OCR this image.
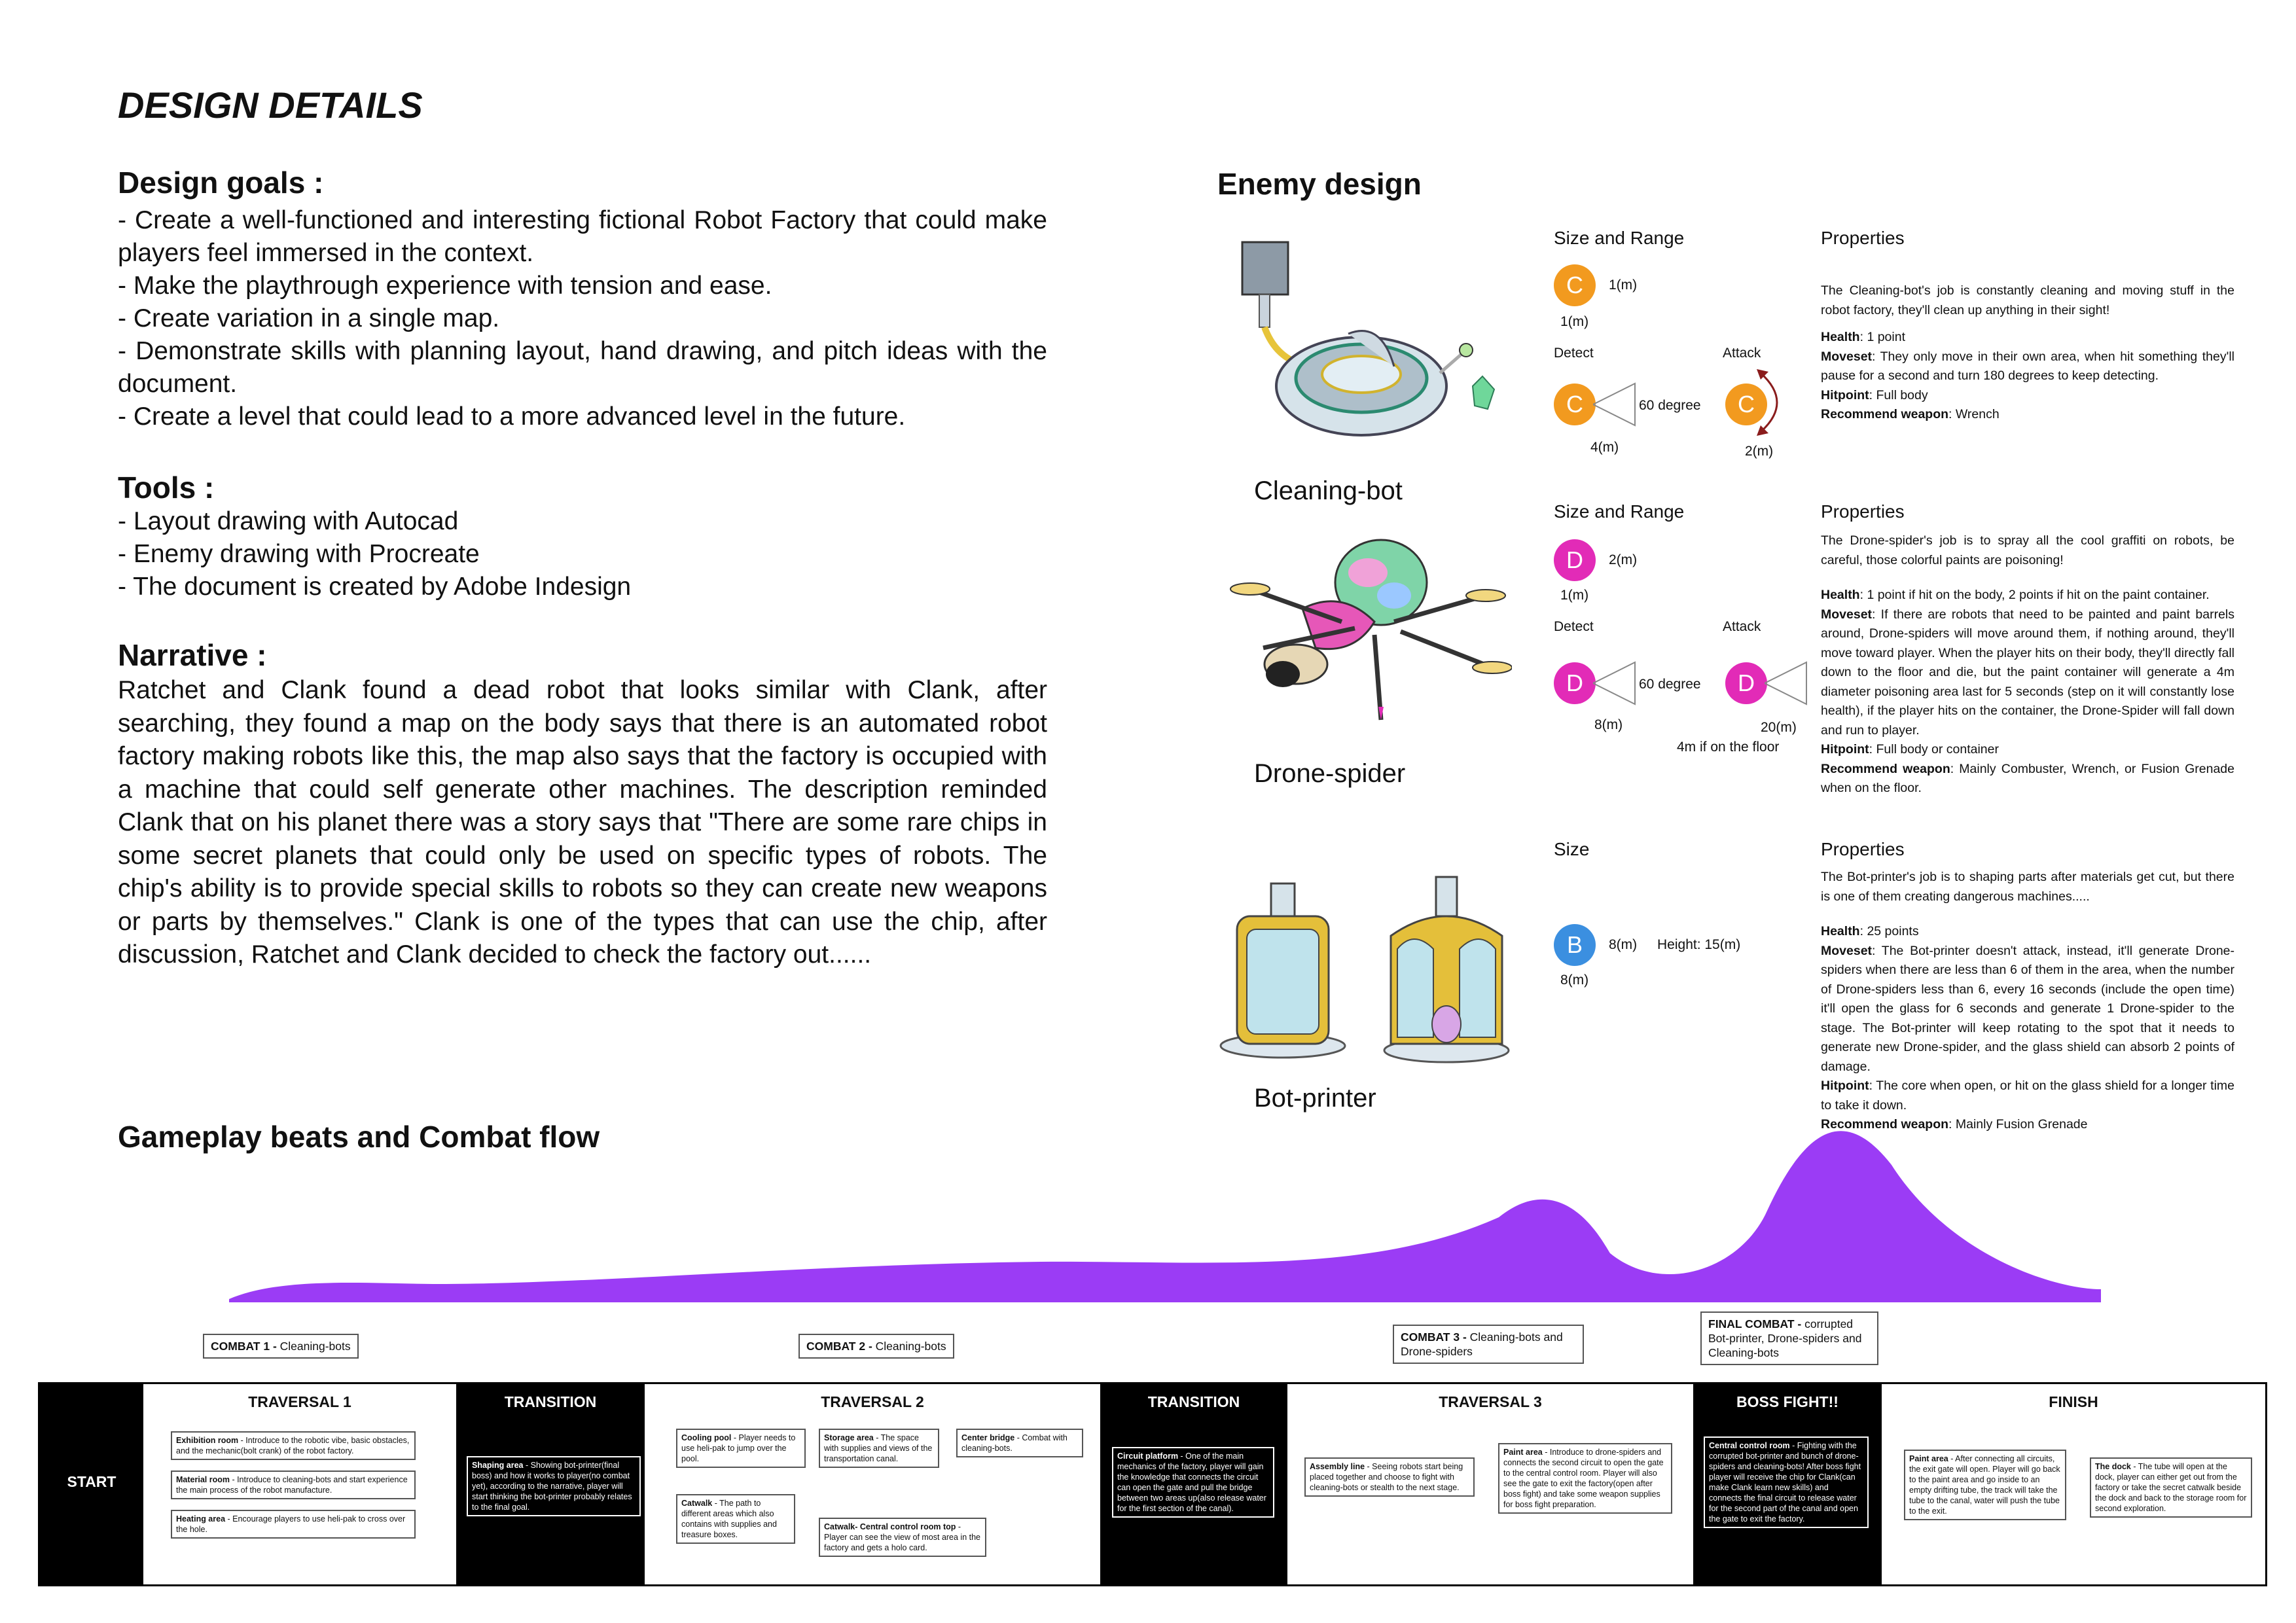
DESIGN DETAILS
Design goals :

- Create a well-functioned and interesting fictional Robot Factory that could make players feel immersed in the context.

- Make the playthrough experience with tension and ease.

- Create variation in a single map.

- Demonstrate skills with planning layout, hand drawing, and pitch ideas with the document.

- Create a level that could lead to a more advanced level in the future.

Tools :

- Layout drawing with Autocad

- Enemy drawing with Procreate

- The document is created by Adobe Indesign

Narrative :
Ratchet and Clank found a dead robot that looks similar with Clank, after searching, they found a map on the body says that there is an automated robot factory making robots like this, the map also says that the factory is occupied with a machine that could self generate other machines. The description reminded Clank that on his planet there was a story says that "There are some rare chips in some secret planets that could only be used on specific types of robots. The chip's ability is to provide special skills to robots so they can create new weapons or parts by themselves." Clank is one of the types that can use the chip, after discussion, Ratchet and Clank decided to check the factory out......
Enemy design
Cleaning-bot
Drone-spider
Bot-printer
Size and Range
C	1(m)
1(m)
Detect	Attack
C	60 degree
4(m)
C
2(m)
Properties

The Cleaning-bot's job is constantly cleaning and moving stuff in the robot factory, they'll clean up anything in their sight!

Health: 1 point

Moveset: They only move in their own area, when hit something they'll pause for a second and turn 180 degrees to keep detecting.

Hitpoint: Full body

Recommend weapon: Wrench

Size and Range
D	2(m)
1(m)
Detect	Attack
D	60 degree
8(m)
D
20(m)
4m if on the floor
Properties

The Drone-spider's job is to spray all the cool graffiti on robots, be careful, those colorful paints are poisoning!

Health: 1 point if hit on the body, 2 points if hit on the paint container.

Moveset: If there are robots that need to be painted and paint barrels around, Drone-spiders will move around them, if nothing around, they'll move toward player. When the player hits on their body, they'll directly fall down to the floor and die, but the paint container will generate a 4m diameter poisoning area last for 5 seconds (step on it will constantly lose health), if the player hits on the container, the Drone-Spider will fall down and run to player.

Hitpoint: Full body or container

Recommend weapon: Mainly Combuster, Wrench, or Fusion Grenade when on the floor.

Size
B	8(m) Height: 15(m)
8(m)
Properties

The Bot-printer's job is to shaping parts after materials get cut, but there is one of them creating dangerous machines.....

Health: 25 points

Moveset: The Bot-printer doesn't attack, instead, it'll generate Drone-spiders when there are less than 6 of them in the area, when the number of Drone-spiders less than 6, every 16 seconds (include the open time) it'll open the glass for 6 seconds and generate 1 Drone-spider to the stage. The Bot-printer will keep rotating to the spot that it needs to generate new Drone-spider, and the glass shield can absorb 2 points of damage.

Hitpoint: The core when open, or hit on the glass shield for a longer time to take it down.

Recommend weapon: Mainly Fusion Grenade

Gameplay beats and Combat flow
COMBAT 1 - Cleaning-bots	COMBAT 2 - Cleaning-bots
COMBAT 3 - Cleaning-bots and Drone-spiders
FINAL COMBAT - corrupted Bot-printer, Drone-spiders and Cleaning-bots
START
TRAVERSAL 1
Exhibition room - Introduce to the robotic vibe, basic obstacles, and the mechanic(bolt crank) of the robot factory.
Material room - Introduce to cleaning-bots and start experience the main process of the robot manufacture.
Heating area - Encourage players to use heli-pak to cross over the hole.
TRANSITION
Shaping area - Showing bot-printer(final boss) and how it works to player(no combat yet), according to the narrative, player will start thinking the bot-printer probably relates to the final goal.
TRAVERSAL 2
Cooling pool - Player needs to use heli-pak to jump over the pool.
Storage area - The space with supplies and views of the transportation canal.
Center bridge - Combat with cleaning-bots.
Catwalk - The path to different areas which also contains with supplies and treasure boxes.
Catwalk- Central control room top - Player can see the view of most area in the factory and gets a holo card.
TRANSITION
Circuit platform - One of the main mechanics of the factory, player will gain the knowledge that connects the circuit can open the gate and pull the bridge between two areas up(also release water for the first section of the canal).
TRAVERSAL 3
Assembly line - Seeing robots start being placed together and choose to fight with cleaning-bots or stealth to the next stage.
Paint area - Introduce to drone-spiders and connects the second circuit to open the gate to the central control room. Player will also see the gate to exit the factory(open after boss fight) and take some weapon supplies for boss fight preparation.
BOSS FIGHT!!
Central control room - Fighting with the corrupted bot-printer and bunch of drone-spiders and cleaning-bots! After boss fight player will receive the chip for Clank(can make Clank learn new skills) and connects the final circuit to release water for the second part of the canal and open the gate to exit the factory.
FINISH
Paint area - After connecting all circuits, the exit gate will open. Player will go back to the paint area and go inside to an empty drifting tube, the track will take the tube to the canal, water will push the tube to the exit.
The dock - The tube will open at the dock, player can either get out from the factory or take the secret catwalk beside the dock and back to the storage room for second exploration.
